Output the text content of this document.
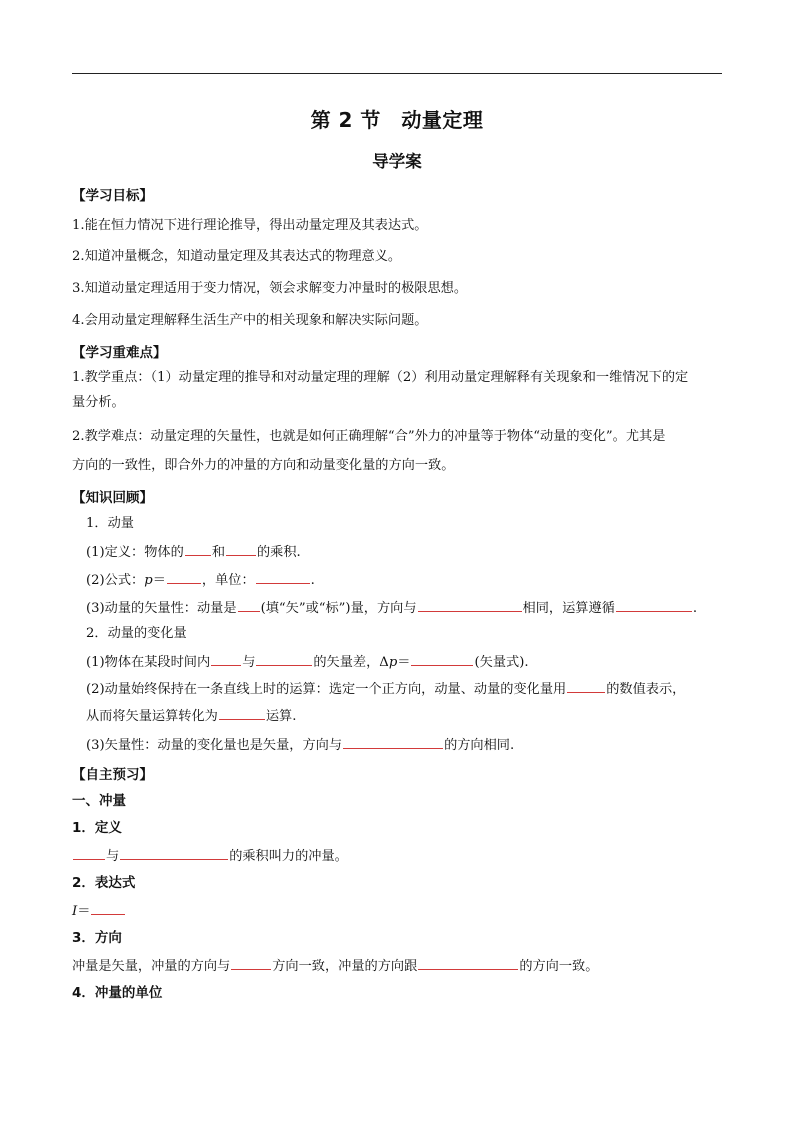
第 2 节　动量定理
导学案
【学习目标】
1.能在恒力情况下进行理论推导，得出动量定理及其表达式。
2.知道冲量概念，知道动量定理及其表达式的物理意义。
3.知道动量定理适用于变力情况，领会求解变力冲量时的极限思想。
4.会用动量定理解释生活生产中的相关现象和解决实际问题。
【学习重难点】
1.教学重点：（1）动量定理的推导和对动量定理的理解（2）利用动量定理解释有关现象和一维情况下的定
量分析。
2.教学难点：动量定理的矢量性，也就是如何正确理解“合”外力的冲量等于物体“动量的变化”。尤其是
方向的一致性，即合外力的冲量的方向和动量变化量的方向一致。
【知识回顾】
1．动量
(1)定义：物体的 和 的乘积.
(2)公式：p＝	，单位：	.
(3)动量的矢量性：动量是 (填“矢”或“标”)量，方向与	相同，运算遵循	.
2．动量的变化量
(1)物体在某段时间内 与	的矢量差，Δp＝	(矢量式).
(2)动量始终保持在一条直线上时的运算：选定一个正方向，动量、动量的变化量用	的数值表示，
从而将矢量运算转化为	运算.
(3)矢量性：动量的变化量也是矢量，方向与	的方向相同.
【自主预习】
一、冲量
1．定义
与	的乘积叫力的冲量。
2．表达式
I＝
3．方向
冲量是矢量，冲量的方向与	方向一致，冲量的方向跟	的方向一致。
4．冲量的单位
